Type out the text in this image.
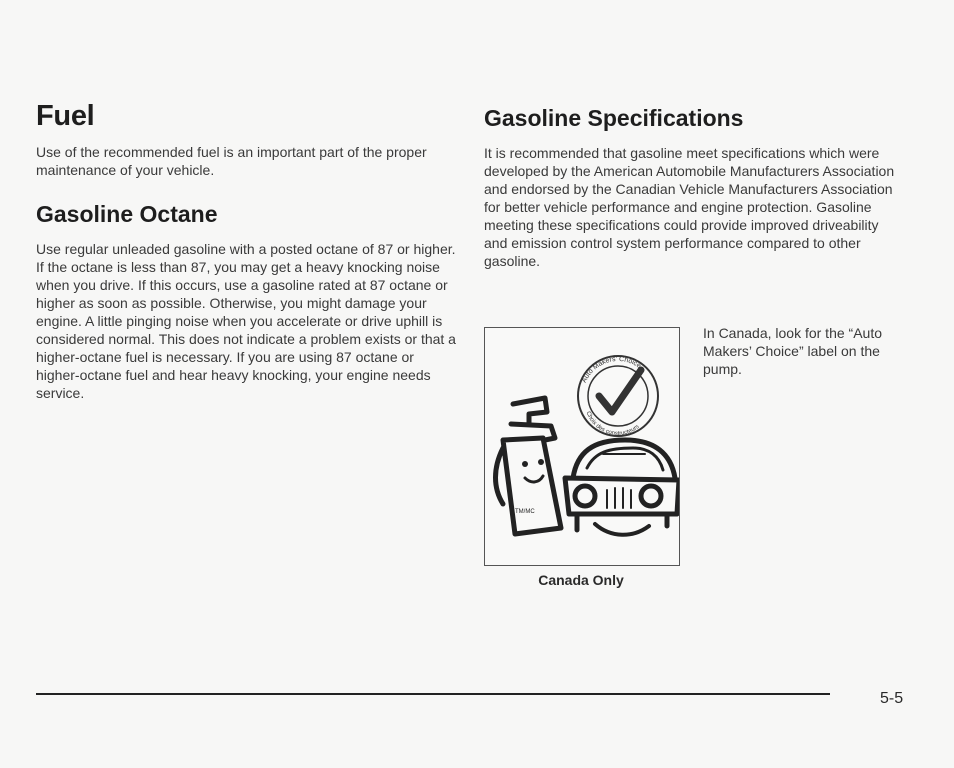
Fuel

Use of the recommended fuel is an important part of the proper maintenance of your vehicle.

Gasoline Octane

Use regular unleaded gasoline with a posted octane of 87 or higher. If the octane is less than 87, you may get a heavy knocking noise when you drive. If this occurs, use a gasoline rated at 87 octane or higher as soon as possible. Otherwise, you might damage your engine. A little pinging noise when you accelerate or drive uphill is considered normal. This does not indicate a problem exists or that a higher-octane fuel is necessary. If you are using 87 octane or higher-octane fuel and hear heavy knocking, your engine needs service.

Gasoline Specifications

It is recommended that gasoline meet specifications which were developed by the American Automobile Manufacturers Association and endorsed by the Canadian Vehicle Manufacturers Association for better vehicle performance and engine protection. Gasoline meeting these specifications could provide improved driveability and emission control system performance compared to other gasoline.

Auto Makers' Choice
Choix des constructeurs
TM/MC
Canada Only
In Canada, look for the “Auto Makers’ Choice” label on the pump.
5-5
